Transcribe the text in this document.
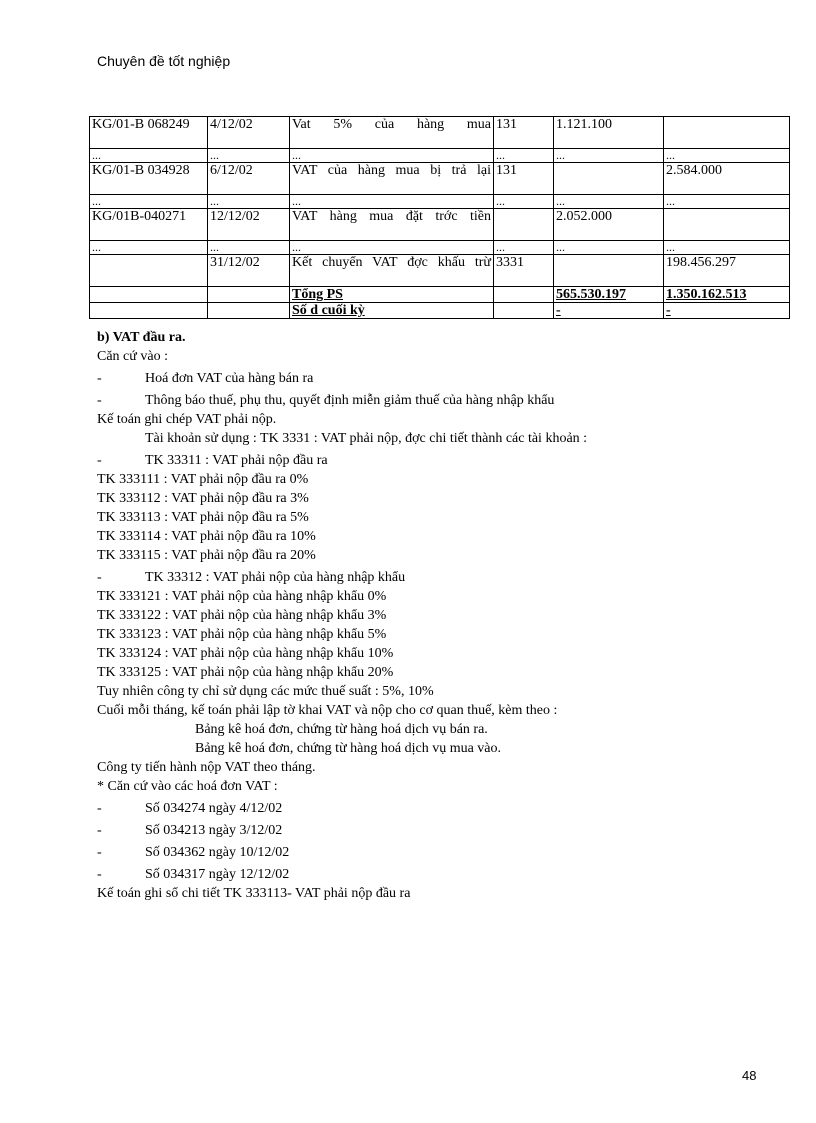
Chuyên đề tốt nghiệp
KG/01-B 068249	4/12/02	Vat 5% của hàng mua	131	1.121.100	
...	...	...	...	...	...
KG/01-B 034928	6/12/02	VAT của hàng mua bị trả lại	131		2.584.000
...	...	...	...	...	...
KG/01B-040271	12/12/02	VAT hàng mua đặt trớc tiền		2.052.000	
...	...	...	...	...	...
	31/12/02	Kết chuyển VAT đợc khấu trừ	3331		198.456.297
		Tổng PS		565.530.197	1.350.162.513
		Số d cuối kỳ		-	-

b) VAT đầu ra.

Căn cứ vào :

-	Hoá đơn VAT của hàng bán ra

-	Thông báo thuế, phụ thu, quyết định miễn giảm thuế của hàng nhập khẩu

Kế toán ghi chép VAT phải nộp.

Tài khoản sử dụng : TK 3331 : VAT phải nộp, đợc chi tiết thành các tài khoản :

-	TK 33311 : VAT phải nộp đầu ra

TK 333111 : VAT phải nộp đầu ra 0%

TK 333112 : VAT phải nộp đầu ra 3%

TK 333113 : VAT phải nộp đầu ra 5%

TK 333114 : VAT phải nộp đầu ra 10%

TK 333115 : VAT phải nộp đầu ra 20%

-	TK 33312 : VAT phải nộp của hàng nhập khẩu

TK 333121 : VAT phải nộp của hàng nhập khẩu 0%

TK 333122 : VAT phải nộp của hàng nhập khẩu 3%

TK 333123 : VAT phải nộp của hàng nhập khẩu 5%

TK 333124 : VAT phải nộp của hàng nhập khẩu 10%

TK 333125 : VAT phải nộp của hàng nhập khẩu 20%

Tuy nhiên công ty chỉ sử dụng các mức thuế suất : 5%, 10%

Cuối mỗi tháng, kế toán phải lập tờ khai VAT và nộp cho cơ quan thuế, kèm theo :

Bảng kê hoá đơn, chứng từ hàng hoá dịch vụ bán ra.

Bảng kê hoá đơn, chứng từ hàng hoá dịch vụ mua vào.

Công ty tiến hành nộp VAT theo tháng.

* Căn cứ vào các hoá đơn VAT :

-	Số 034274 ngày 4/12/02

-	Số 034213 ngày 3/12/02

-	Số 034362 ngày 10/12/02

-	Số 034317 ngày 12/12/02

Kế toán ghi sổ chi tiết TK 333113- VAT phải nộp đầu ra

48
